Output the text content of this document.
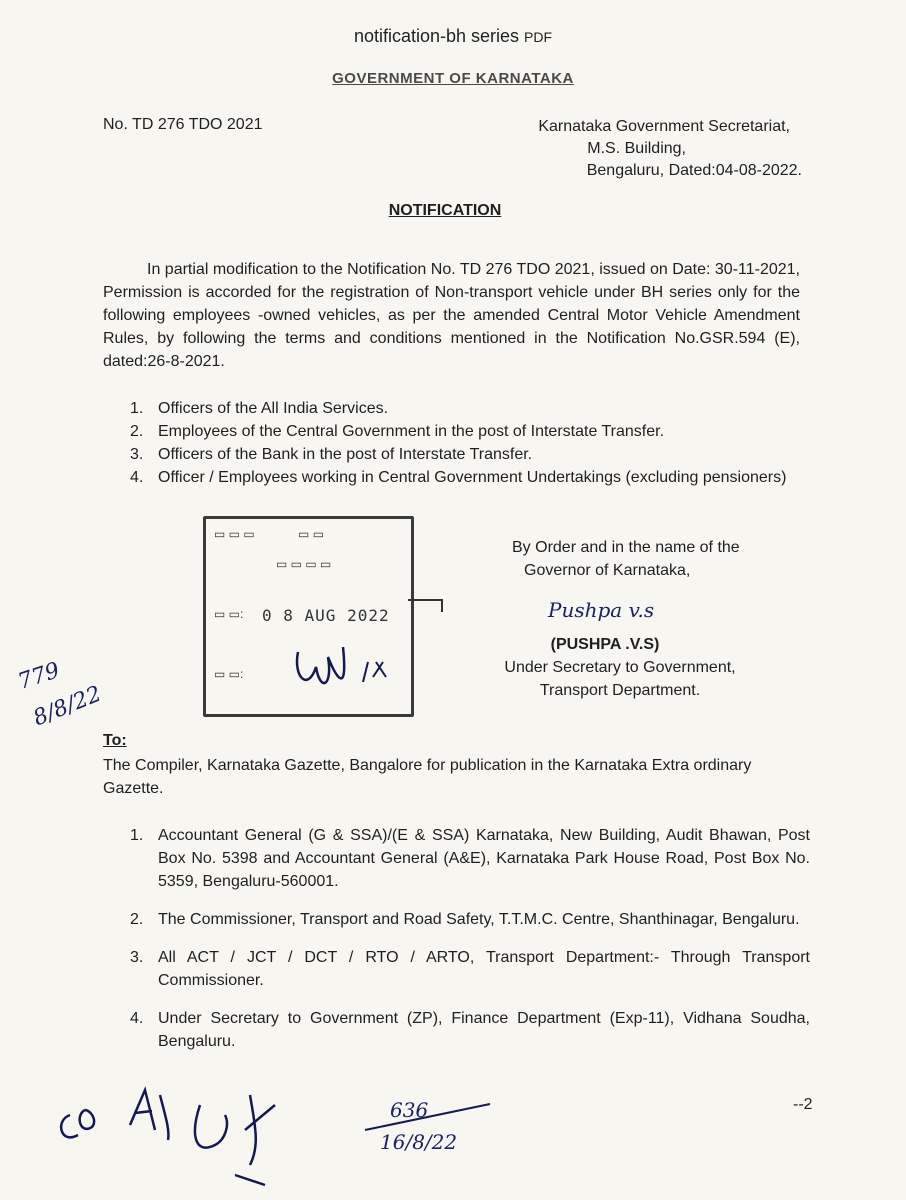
notification-bh series PDF
GOVERNMENT OF KARNATAKA
No. TD 276 TDO 2021	Karnataka Government Secretariat,
M.S. Building,
Bengaluru, Dated:04-08-2022.
NOTIFICATION

In partial modification to the Notification No. TD 276 TDO 2021, issued on Date: 30-11-2021, Permission is accorded for the registration of Non-transport vehicle under BH series only for the following employees -owned vehicles, as per the amended Central Motor Vehicle Amendment Rules, by following the terms and conditions mentioned in the Notification No.GSR.594 (E), dated:26-8-2021.

1. Officers of the All India Services.
2. Employees of the Central Government in the post of Interstate Transfer.
3. Officers of the Bank in the post of Interstate Transfer.
4. Officer / Employees working in Central Government Undertakings (excluding pensioners)
▭ ▭ ▭             ▭ ▭
▭ ▭ ▭ ▭
▭ ▭: 0 8 AUG 2022
▭ ▭:
By Order and in the name of the
Governor of Karnataka,
Pushpa v.s
(PUSHPA .V.S)
Under Secretary to Government,
Transport Department.
779
8/8/22
To:
The Compiler, Karnataka Gazette, Bangalore for publication in the Karnataka Extra ordinary Gazette.
1. Accountant General (G & SSA)/(E & SSA) Karnataka, New Building, Audit Bhawan, Post Box No. 5398 and Accountant General (A&E), Karnataka Park House Road, Post Box No. 5359, Bengaluru-560001.
2. The Commissioner, Transport and Road Safety, T.T.M.C. Centre, Shanthinagar, Bengaluru.
3. All ACT / JCT / DCT / RTO / ARTO, Transport Department:- Through Transport Commissioner.
4. Under Secretary to Government (ZP), Finance Department (Exp-11), Vidhana Soudha, Bengaluru.
636
16/8/22
--2
